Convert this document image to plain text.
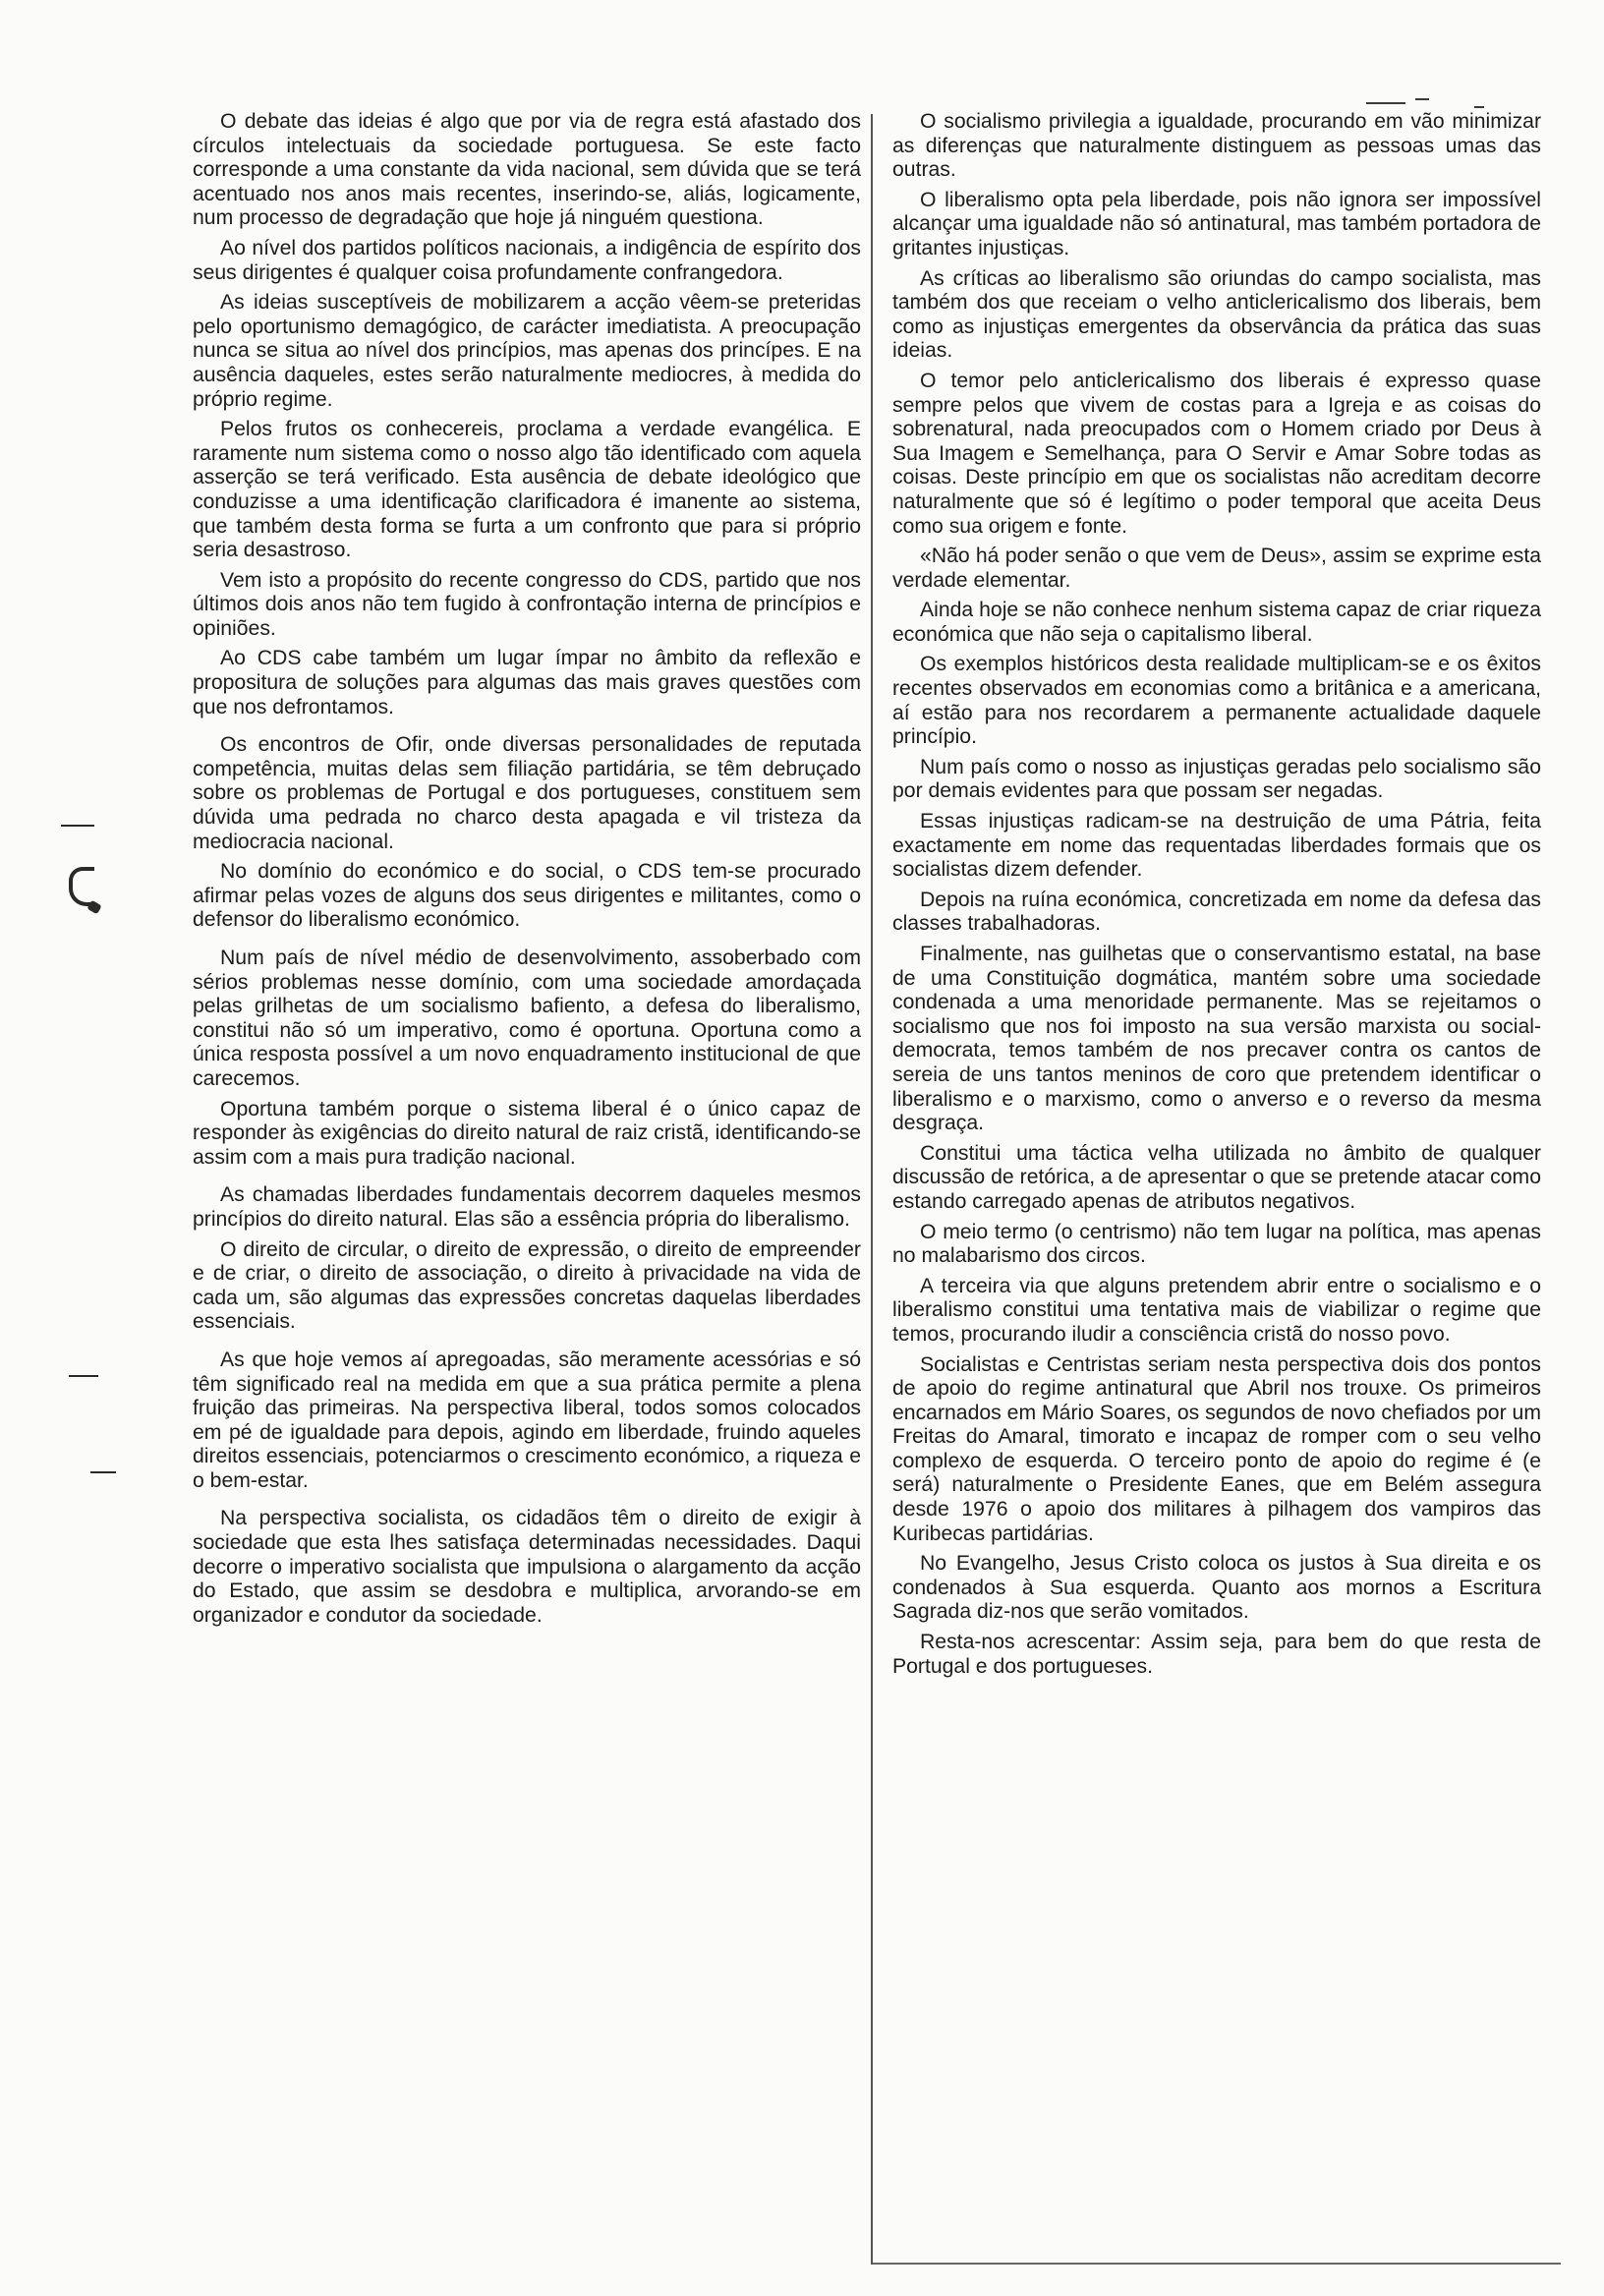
O debate das ideias é algo que por via de regra está afastado dos círculos intelectuais da sociedade portuguesa. Se este facto corresponde a uma constante da vida nacional, sem dúvida que se terá acentuado nos anos mais recentes, inserindo-se, aliás, logicamente, num processo de degradação que hoje já ninguém questiona.

Ao nível dos partidos políticos nacionais, a indigência de espírito dos seus dirigentes é qualquer coisa profundamente confrangedora.

As ideias susceptíveis de mobilizarem a acção vêem-se preteridas pelo oportunismo demagógico, de carácter imediatista. A preocupação nunca se situa ao nível dos princípios, mas apenas dos princípes. E na ausência daqueles, estes serão naturalmente mediocres, à medida do próprio regime.

Pelos frutos os conhecereis, proclama a verdade evangélica. E raramente num sistema como o nosso algo tão identificado com aquela asserção se terá verificado. Esta ausência de debate ideológico que conduzisse a uma identificação clarificadora é imanente ao sistema, que também desta forma se furta a um confronto que para si próprio seria desastroso.

Vem isto a propósito do recente congresso do CDS, partido que nos últimos dois anos não tem fugido à confrontação interna de princípios e opiniões.

Ao CDS cabe também um lugar ímpar no âmbito da reflexão e propositura de soluções para algumas das mais graves questões com que nos defrontamos.

Os encontros de Ofir, onde diversas personalidades de reputada competência, muitas delas sem filiação partidária, se têm debruçado sobre os problemas de Portugal e dos portugueses, constituem sem dúvida uma pedrada no charco desta apagada e vil tristeza da mediocracia nacional.

No domínio do económico e do social, o CDS tem-se procurado afirmar pelas vozes de alguns dos seus dirigentes e militantes, como o defensor do liberalismo económico.

Num país de nível médio de desenvolvimento, assoberbado com sérios problemas nesse domínio, com uma sociedade amordaçada pelas grilhetas de um socialismo bafiento, a defesa do liberalismo, constitui não só um imperativo, como é oportuna. Oportuna como a única resposta possível a um novo enquadramento institucional de que carecemos.

Oportuna também porque o sistema liberal é o único capaz de responder às exigências do direito natural de raiz cristã, identificando-se assim com a mais pura tradição nacional.

As chamadas liberdades fundamentais decorrem daqueles mesmos princípios do direito natural. Elas são a essência própria do liberalismo.

O direito de circular, o direito de expressão, o direito de empreender e de criar, o direito de associação, o direito à privacidade na vida de cada um, são algumas das expressões concretas daquelas liberdades essenciais.

As que hoje vemos aí apregoadas, são meramente acessórias e só têm significado real na medida em que a sua prática permite a plena fruição das primeiras. Na perspectiva liberal, todos somos colocados em pé de igualdade para depois, agindo em liberdade, fruindo aqueles direitos essenciais, potenciarmos o crescimento económico, a riqueza e o bem-estar.

Na perspectiva socialista, os cidadãos têm o direito de exigir à sociedade que esta lhes satisfaça determinadas necessidades. Daqui decorre o imperativo socialista que impulsiona o alargamento da acção do Estado, que assim se desdobra e multiplica, arvorando-se em organizador e condutor da sociedade.

O socialismo privilegia a igualdade, procurando em vão minimizar as diferenças que naturalmente distinguem as pessoas umas das outras.

O liberalismo opta pela liberdade, pois não ignora ser impossível alcançar uma igualdade não só antinatural, mas também portadora de gritantes injustiças.

As críticas ao liberalismo são oriundas do campo socialista, mas também dos que receiam o velho anticlericalismo dos liberais, bem como as injustiças emergentes da observância da prática das suas ideias.

O temor pelo anticlericalismo dos liberais é expresso quase sempre pelos que vivem de costas para a Igreja e as coisas do sobrenatural, nada preocupados com o Homem criado por Deus à Sua Imagem e Semelhança, para O Servir e Amar Sobre todas as coisas. Deste princípio em que os socialistas não acreditam decorre naturalmente que só é legítimo o poder temporal que aceita Deus como sua origem e fonte.

«Não há poder senão o que vem de Deus», assim se exprime esta verdade elementar.

Ainda hoje se não conhece nenhum sistema capaz de criar riqueza económica que não seja o capitalismo liberal.

Os exemplos históricos desta realidade multiplicam-se e os êxitos recentes observados em economias como a britânica e a americana, aí estão para nos recordarem a permanente actualidade daquele princípio.

Num país como o nosso as injustiças geradas pelo socialismo são por demais evidentes para que possam ser negadas.

Essas injustiças radicam-se na destruição de uma Pátria, feita exactamente em nome das requentadas liberdades formais que os socialistas dizem defender.

Depois na ruína económica, concretizada em nome da defesa das classes trabalhadoras.

Finalmente, nas guilhetas que o conservantismo estatal, na base de uma Constituição dogmática, mantém sobre uma sociedade condenada a uma menoridade permanente. Mas se rejeitamos o socialismo que nos foi imposto na sua versão marxista ou social-democrata, temos também de nos precaver contra os cantos de sereia de uns tantos meninos de coro que pretendem identificar o liberalismo e o marxismo, como o anverso e o reverso da mesma desgraça.

Constitui uma táctica velha utilizada no âmbito de qualquer discussão de retórica, a de apresentar o que se pretende atacar como estando carregado apenas de atributos negativos.

O meio termo (o centrismo) não tem lugar na política, mas apenas no malabarismo dos circos.

A terceira via que alguns pretendem abrir entre o socialismo e o liberalismo constitui uma tentativa mais de viabilizar o regime que temos, procurando iludir a consciência cristã do nosso povo.

Socialistas e Centristas seriam nesta perspectiva dois dos pontos de apoio do regime antinatural que Abril nos trouxe. Os primeiros encarnados em Mário Soares, os segundos de novo chefiados por um Freitas do Amaral, timorato e incapaz de romper com o seu velho complexo de esquerda. O terceiro ponto de apoio do regime é (e será) naturalmente o Presidente Eanes, que em Belém assegura desde 1976 o apoio dos militares à pilhagem dos vampiros das Kuribecas partidárias.

No Evangelho, Jesus Cristo coloca os justos à Sua direita e os condenados à Sua esquerda. Quanto aos mornos a Escritura Sagrada diz-nos que serão vomitados.

Resta-nos acrescentar: Assim seja, para bem do que resta de Portugal e dos portugueses.
